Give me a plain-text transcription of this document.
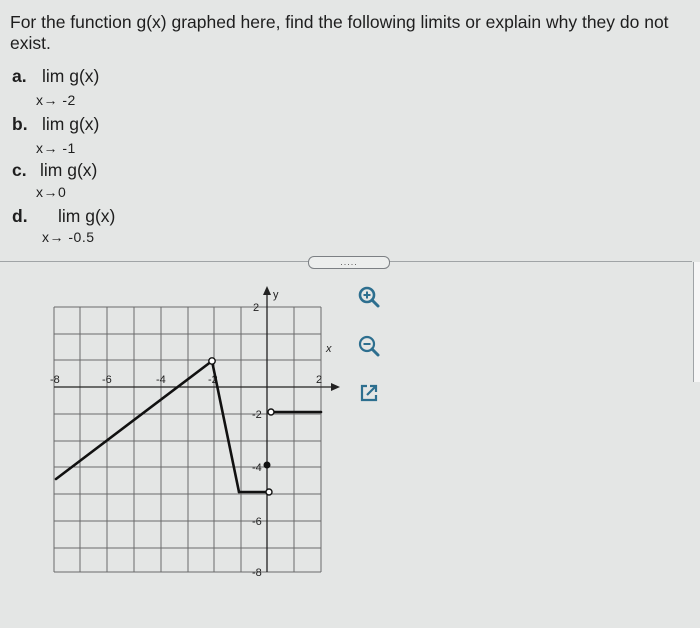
For the function g(x) graphed here, find the following limits or explain why they do not exist.
a. lim g(x)
x→ -2
b. lim g(x)
x→ -1
c. lim g(x)
x→0
d. lim g(x)
x→ -0.5
.....
x
y
-8	-6	-4	-2	2
2
-2
-4
-6
-8
